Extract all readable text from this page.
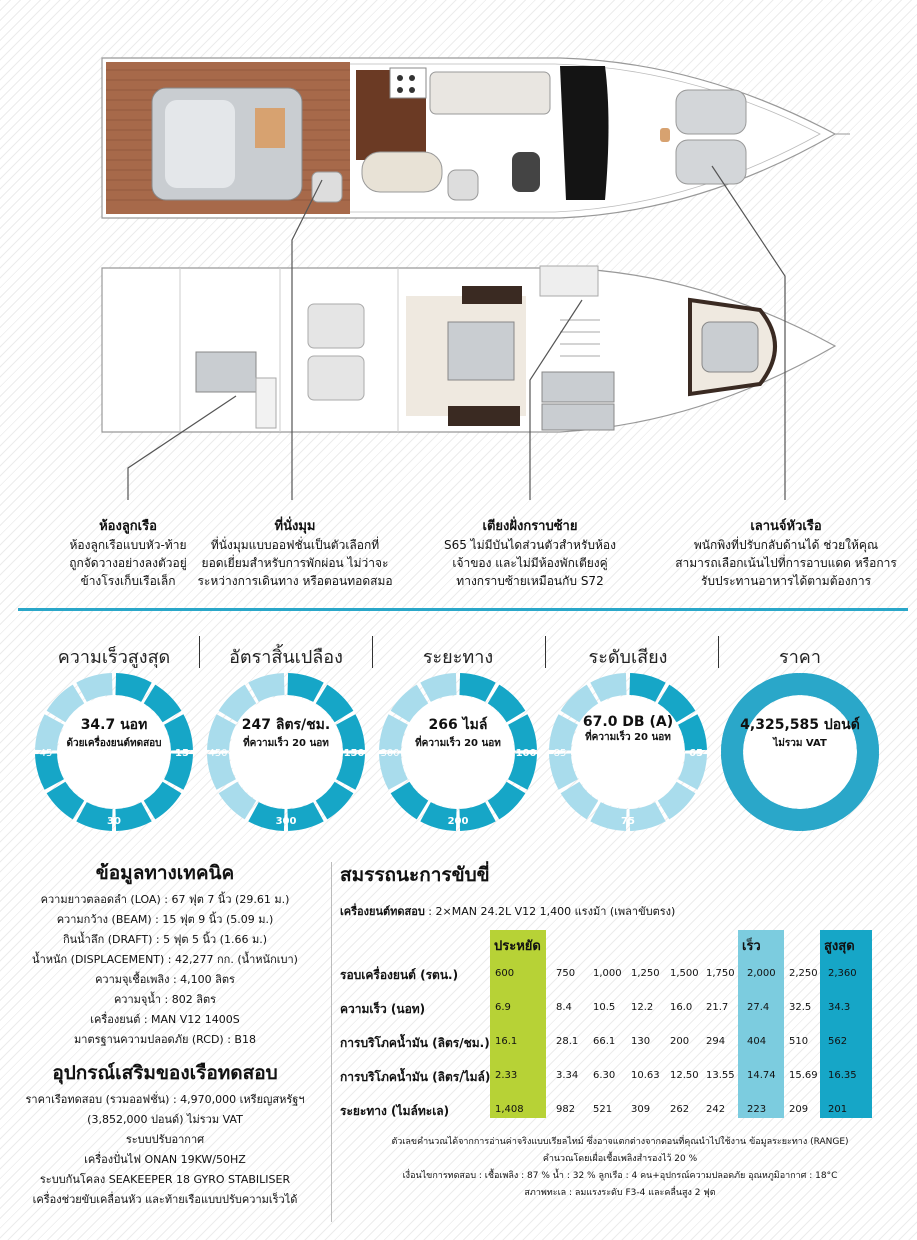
ห้องลูกเรือ
ห้องลูกเรือแบบหัว-ท้าย
ถูกจัดวางอย่างลงตัวอยู่
ข้างโรงเก็บเรือเล็ก
ที่นั่งมุม
ที่นั่งมุมแบบออฟชั่นเป็นตัวเลือกที่
ยอดเยี่ยมสำหรับการพักผ่อน ไม่ว่าจะ
ระหว่างการเดินทาง หรือตอนทอดสมอ
เตียงฝั่งกราบซ้าย
S65 ไม่มีบันไดส่วนตัวสำหรับห้อง
เจ้าของ และไม่มีห้องพักเตียงคู่
ทางกราบซ้ายเหมือนกับ S72
เลานจ์หัวเรือ
พนักพิงที่ปรับกลับด้านได้ ช่วยให้คุณ
สามารถเลือกเน้นไปที่การอาบแดด หรือการ
รับประทานอาหารได้ตามต้องการ
ความเร็วสูงสุด	อัตราสิ้นเปลือง	ระยะทาง	ระดับเสียง	ราคา
45	15
30
450	150
300
300	100
200
85	65
75
34.7 นอท
ด้วยเครื่องยนต์ทดสอบ
247 ลิตร/ชม.
ที่ความเร็ว 20 นอท
266 ไมล์
ที่ความเร็ว 20 นอท
67.0 DB (A)
ที่ความเร็ว 20 นอท
4,325,585 ปอนด์
ไม่รวม VAT
ข้อมูลทางเทคนิค
ความยาวตลอดลำ (LOA) : 67 ฟุต 7 นิ้ว (29.61 ม.)
ความกว้าง (BEAM) : 15 ฟุต 9 นิ้ว (5.09 ม.)
กินน้ำลึก (DRAFT) : 5 ฟุต 5 นิ้ว (1.66 ม.)
น้ำหนัก (DISPLACEMENT) : 42,277 กก. (น้ำหนักเบา)
ความจุเชื้อเพลิง : 4,100 ลิตร
ความจุน้ำ : 802 ลิตร
เครื่องยนต์ : MAN V12 1400S
มาตรฐานความปลอดภัย (RCD) : B18
อุปกรณ์เสริมของเรือทดสอบ
ราคาเรือทดสอบ (รวมออฟชั่น) : 4,970,000 เหรียญสหรัฐฯ
(3,852,000 ปอนด์) ไม่รวม VAT
ระบบปรับอากาศ
เครื่องปั่นไฟ ONAN 19KW/50HZ
ระบบกันโคลง SEAKEEPER 18 GYRO STABILISER
เครื่องช่วยขับเคลื่อนหัว และท้ายเรือแบบปรับความเร็วได้
สมรรถนะการขับขี่
เครื่องยนต์ทดสอบ : 2×MAN 24.2L V12 1,400 แรงม้า (เพลาขับตรง)
ประหยัด	เร็ว	สูงสุด
รอบเครื่องยนต์ (รตน.)	600	750	1,000 1,250	1,500 1,750	2,000	2,250	2,360
ความเร็ว (นอท)	6.9	8.4	10.5	12.2	16.0	21.7	27.4	32.5	34.3
การบริโภคน้ำมัน (ลิตร/ชม.) 16.1	28.1	66.1	130	200	294	404	510	562
การบริโภคน้ำมัน (ลิตร/ไมล์) 2.33	3.34	6.30	10.63	12.50 13.55	14.74	15.69	16.35
ระยะทาง (ไมล์ทะเล)	1,408	982	521	309	262	242	223	209	201
ตัวเลขคำนวณได้จากการอ่านค่าจริงแบบเรียลไทม์ ซึ่งอาจแตกต่างจากตอนที่คุณนำไปใช้งาน ข้อมูลระยะทาง (RANGE)
คำนวณโดยเผื่อเชื้อเพลิงสำรองไว้ 20 %
เงื่อนไขการทดสอบ : เชื้อเพลิง : 87 % น้ำ : 32 % ลูกเรือ : 4 คน+อุปกรณ์ความปลอดภัย อุณหภูมิอากาศ : 18°C
สภาพทะเล : ลมแรงระดับ F3-4 และคลื่นสูง 2 ฟุต
